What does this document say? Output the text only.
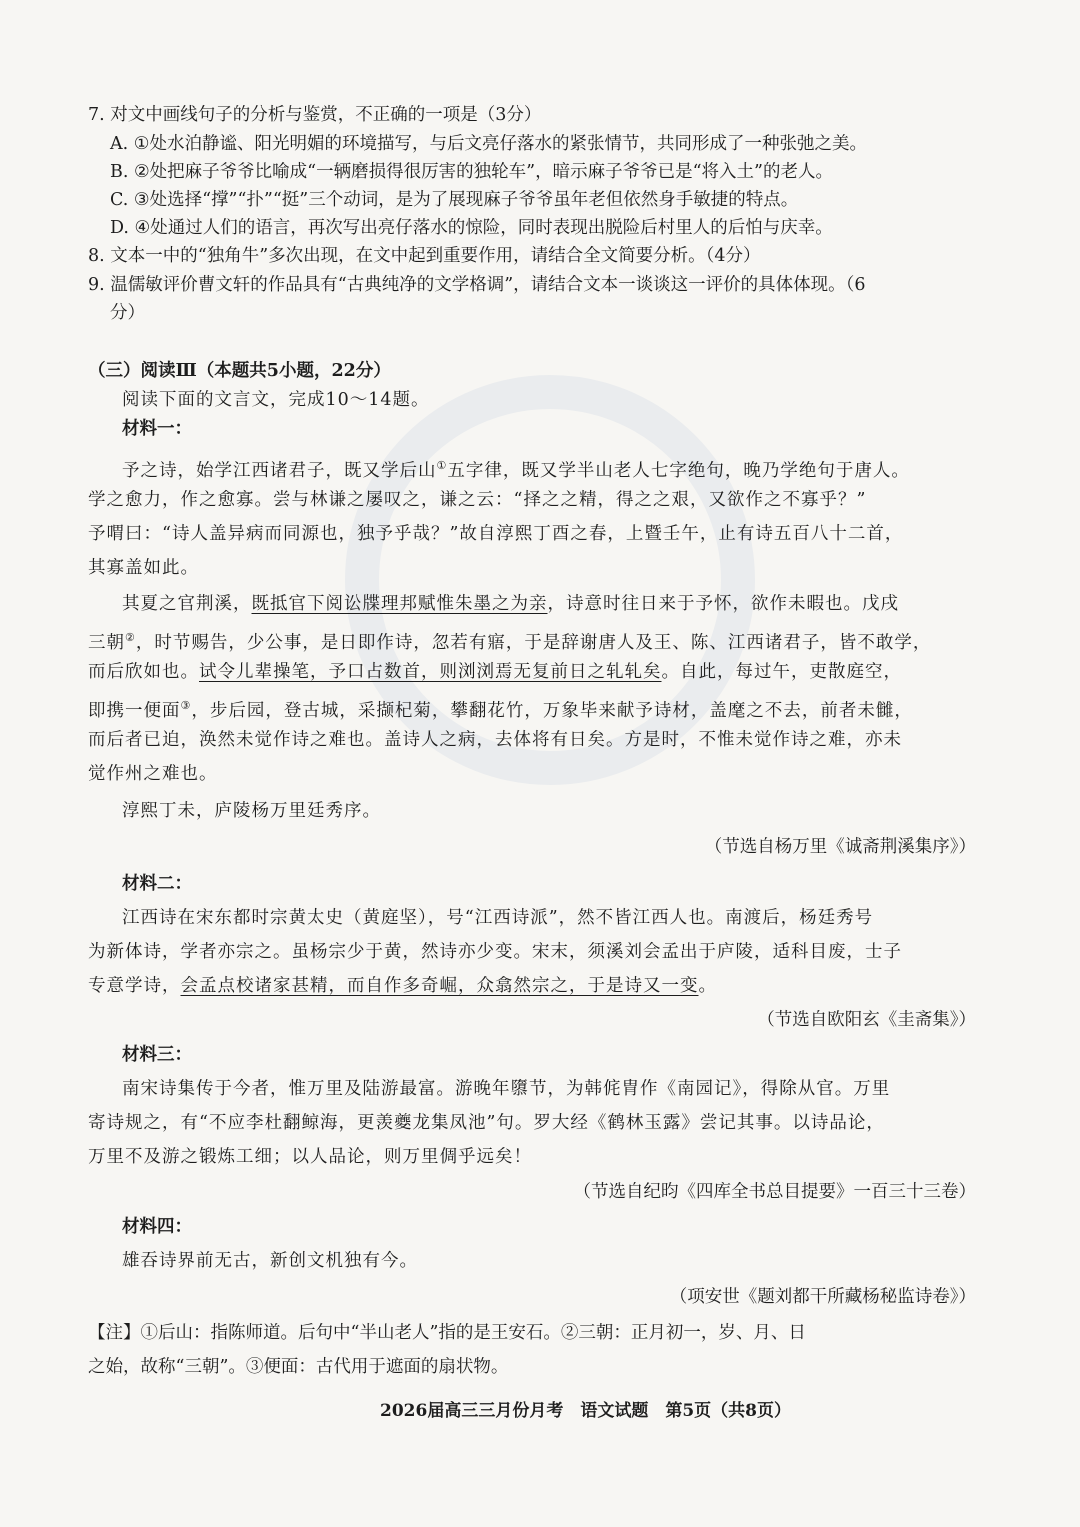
7. 对文中画线句子的分析与鉴赏，不正确的一项是（3分）
A. ①处水泊静谧、阳光明媚的环境描写，与后文亮仔落水的紧张情节，共同形成了一种张弛之美。
B. ②处把麻子爷爷比喻成“一辆磨损得很厉害的独轮车”，暗示麻子爷爷已是“将入土”的老人。
C. ③处选择“撑”“扑”“挺”三个动词，是为了展现麻子爷爷虽年老但依然身手敏捷的特点。
D. ④处通过人们的语言，再次写出亮仔落水的惊险，同时表现出脱险后村里人的后怕与庆幸。
8. 文本一中的“独角牛”多次出现，在文中起到重要作用，请结合全文简要分析。（4分）
9. 温儒敏评价曹文轩的作品具有“古典纯净的文学格调”，请结合文本一谈谈这一评价的具体体现。（6
分）
（三）阅读Ⅲ（本题共5小题，22分）
阅读下面的文言文，完成10～14题。
材料一：
予之诗，始学江西诸君子，既又学后山①五字律，既又学半山老人七字绝句，晚乃学绝句于唐人。
学之愈力，作之愈寡。尝与林谦之屡叹之，谦之云：“择之之精，得之之艰，又欲作之不寡乎？”
予喟曰：“诗人盖异病而同源也，独予乎哉？”故自淳熙丁酉之春，上暨壬午，止有诗五百八十二首，
其寡盖如此。
其夏之官荆溪，既抵官下阅讼牒理邦赋惟朱墨之为亲，诗意时往日来于予怀，欲作未暇也。戊戌
三朝②，时节赐告，少公事，是日即作诗，忽若有寤，于是辞谢唐人及王、陈、江西诸君子，皆不敢学，
而后欣如也。试令儿辈操笔，予口占数首，则浏浏焉无复前日之轧轧矣。自此，每过午，吏散庭空，
即携一便面③，步后园，登古城，采撷杞菊，攀翻花竹，万象毕来献予诗材，盖麾之不去，前者未雠，
而后者已迫，涣然未觉作诗之难也。盖诗人之病，去体将有日矣。方是时，不惟未觉作诗之难，亦未
觉作州之难也。
淳熙丁未，庐陵杨万里廷秀序。
（节选自杨万里《诚斋荆溪集序》）
材料二：
江西诗在宋东都时宗黄太史（黄庭坚），号“江西诗派”，然不皆江西人也。南渡后，杨廷秀号
为新体诗，学者亦宗之。虽杨宗少于黄，然诗亦少变。宋末，须溪刘会孟出于庐陵，适科目废，士子
专意学诗，会孟点校诸家甚精，而自作多奇崛，众翕然宗之，于是诗又一变。
（节选自欧阳玄《圭斋集》）
材料三：
南宋诗集传于今者，惟万里及陆游最富。游晚年隳节，为韩侂胄作《南园记》，得除从官。万里
寄诗规之，有“不应李杜翻鲸海，更羡夔龙集凤池”句。罗大经《鹤林玉露》尝记其事。以诗品论，
万里不及游之锻炼工细；以人品论，则万里倜乎远矣！
（节选自纪昀《四库全书总目提要》一百三十三卷）
材料四：
雄吞诗界前无古，新创文机独有今。
（项安世《题刘都干所藏杨秘监诗卷》）
【注】①后山：指陈师道。后句中“半山老人”指的是王安石。②三朝：正月初一，岁、月、日
之始，故称“三朝”。③便面：古代用于遮面的扇状物。
2026届高三三月份月考　语文试题　第5页（共8页）
